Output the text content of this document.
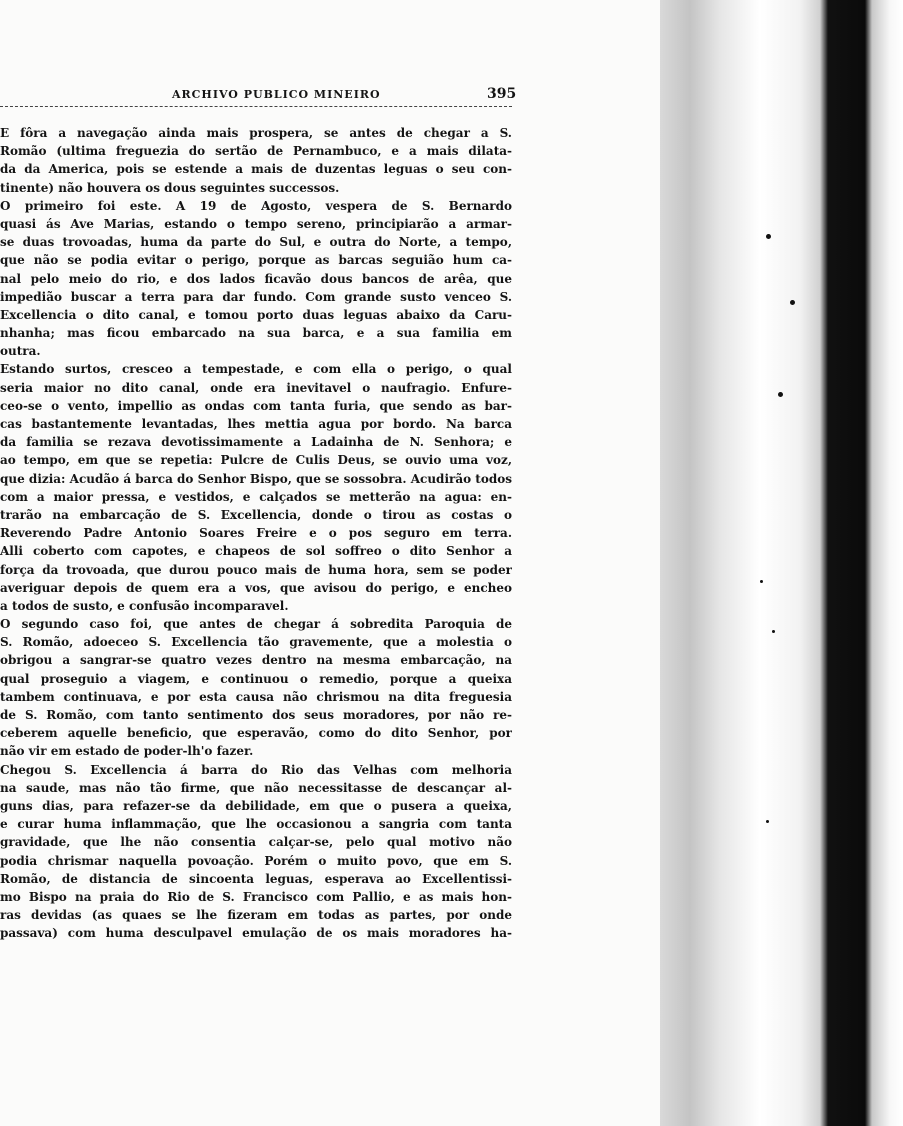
ARCHIVO PUBLICO MINEIRO	395
E fôra a navegação ainda mais prospera, se antes de chegar a S.
Romão (ultima freguezia do sertão de Pernambuco, e a mais dilata-
da da America, pois se estende a mais de duzentas leguas o seu con-
tinente) não houvera os dous seguintes successos.
O primeiro foi este. A 19 de Agosto, vespera de S. Bernardo
quasi ás Ave Marias, estando o tempo sereno, principiarão a armar-
se duas trovoadas, huma da parte do Sul, e outra do Norte, a tempo,
que não se podia evitar o perigo, porque as barcas seguião hum ca-
nal pelo meio do rio, e dos lados ficavão dous bancos de arêa, que
impedião buscar a terra para dar fundo. Com grande susto venceo S.
Excellencia o dito canal, e tomou porto duas leguas abaixo da Caru-
nhanha; mas ficou embarcado na sua barca, e a sua familia em
outra.
Estando surtos, cresceo a tempestade, e com ella o perigo, o qual
seria maior no dito canal, onde era inevitavel o naufragio. Enfure-
ceo-se o vento, impellio as ondas com tanta furia, que sendo as bar-
cas bastantemente levantadas, lhes mettia agua por bordo. Na barca
da familia se rezava devotissimamente a Ladainha de N. Senhora; e
ao tempo, em que se repetia: Pulcre de Culis Deus, se ouvio uma voz,
que dizia: Acudão á barca do Senhor Bispo, que se sossobra. Acudirão todos
com a maior pressa, e vestidos, e calçados se metterão na agua: en-
trarão na embarcação de S. Excellencia, donde o tirou as costas o
Reverendo Padre Antonio Soares Freire e o pos seguro em terra.
Alli coberto com capotes, e chapeos de sol soffreo o dito Senhor a
força da trovoada, que durou pouco mais de huma hora, sem se poder
averiguar depois de quem era a vos, que avisou do perigo, e encheo
a todos de susto, e confusão incomparavel.
O segundo caso foi, que antes de chegar á sobredita Paroquia de
S. Romão, adoeceo S. Excellencia tão gravemente, que a molestia o
obrigou a sangrar-se quatro vezes dentro na mesma embarcação, na
qual proseguio a viagem, e continuou o remedio, porque a queixa
tambem continuava, e por esta causa não chrismou na dita freguesia
de S. Romão, com tanto sentimento dos seus moradores, por não re-
ceberem aquelle beneficio, que esperavão, como do dito Senhor, por
não vir em estado de poder-lh'o fazer.
Chegou S. Excellencia á barra do Rio das Velhas com melhoria
na saude, mas não tão firme, que não necessitasse de descançar al-
guns dias, para refazer-se da debilidade, em que o pusera a queixa,
e curar huma inflammação, que lhe occasionou a sangria com tanta
gravidade, que lhe não consentia calçar-se, pelo qual motivo não
podia chrismar naquella povoação. Porém o muito povo, que em S.
Romão, de distancia de sincoenta leguas, esperava ao Excellentissi-
mo Bispo na praia do Rio de S. Francisco com Pallio, e as mais hon-
ras devidas (as quaes se lhe fizeram em todas as partes, por onde
passava) com huma desculpavel emulação de os mais moradores ha-
